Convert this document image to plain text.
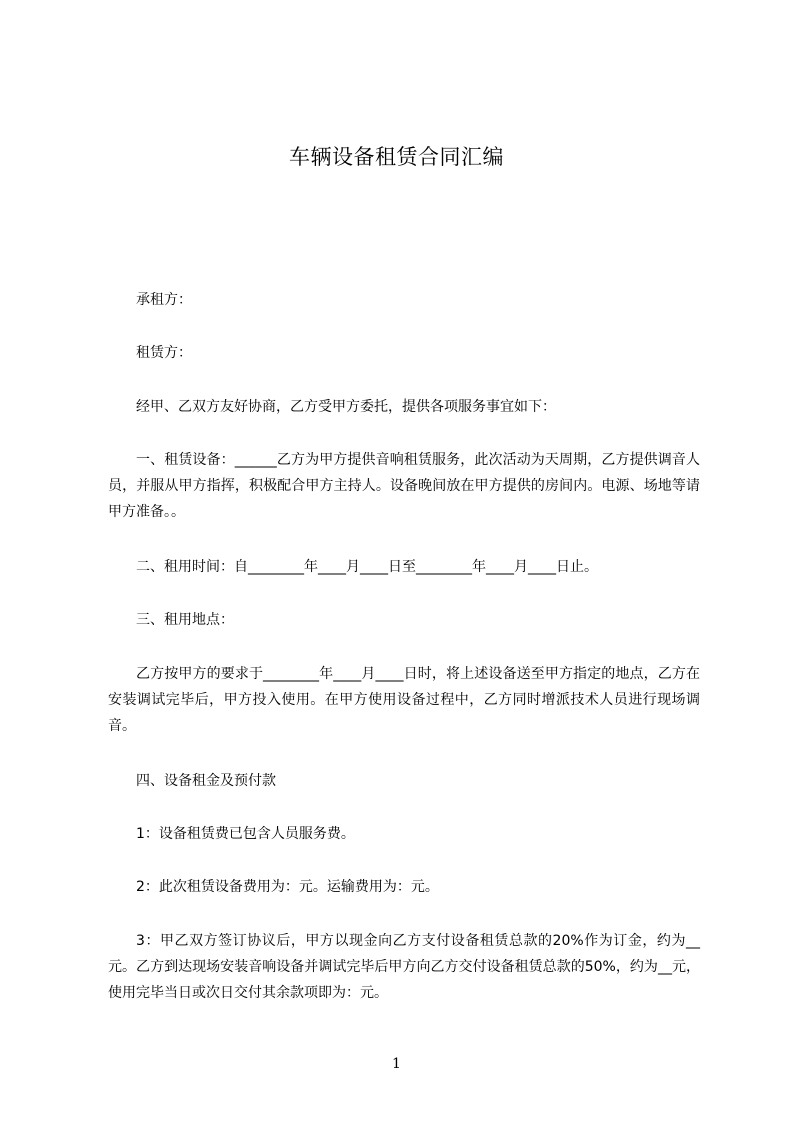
车辆设备租赁合同汇编
承租方：
租赁方：
经甲、乙双方友好协商，乙方受甲方委托，提供各项服务事宜如下：
一、租赁设备：______乙方为甲方提供音响租赁服务，此次活动为天周期，乙方提供调音人员，并服从甲方指挥，积极配合甲方主持人。设备晚间放在甲方提供的房间内。电源、场地等请甲方准备。。
二、租用时间：自________年____月____日至________年____月____日止。
三、租用地点：
乙方按甲方的要求于________年____月____日时，将上述设备送至甲方指定的地点，乙方在安装调试完毕后，甲方投入使用。在甲方使用设备过程中，乙方同时增派技术人员进行现场调音。
四、设备租金及预付款
1：设备租赁费已包含人员服务费。
2：此次租赁设备费用为：元。运输费用为：元。
3：甲乙双方签订协议后，甲方以现金向乙方支付设备租赁总款的20%作为订金，约为__元。乙方到达现场安装音响设备并调试完毕后甲方向乙方交付设备租赁总款的50%，约为__元，使用完毕当日或次日交付其余款项即为：元。
1
